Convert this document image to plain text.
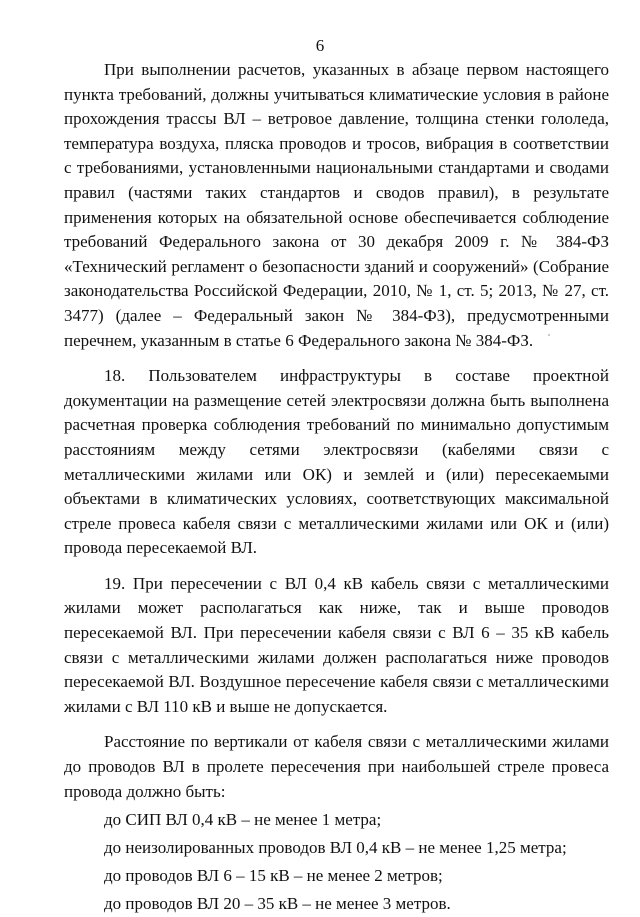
6

При выполнении расчетов, указанных в абзаце первом настоящего пункта требований, должны учитываться климатические условия в районе прохождения трассы ВЛ – ветровое давление, толщина стенки гололеда, температура воздуха, пляска проводов и тросов, вибрация в соответствии с требованиями, установленными национальными стандартами и сводами правил (частями таких стандартов и сводов правил), в результате применения которых на обязательной основе обеспечивается соблюдение требований Федерального закона от 30 декабря 2009 г. № 384-ФЗ «Технический регламент о безопасности зданий и сооружений» (Собрание законодательства Российской Федерации, 2010, № 1, ст. 5; 2013, № 27, ст. 3477) (далее – Федеральный закон № 384-ФЗ), предусмотренными перечнем, указанным в статье 6 Федерального закона № 384-ФЗ.

18. Пользователем инфраструктуры в составе проектной документации на размещение сетей электросвязи должна быть выполнена расчетная проверка соблюдения требований по минимально допустимым расстояниям между сетями электросвязи (кабелями связи с металлическими жилами или ОК) и землей и (или) пересекаемыми объектами в климатических условиях, соответствующих максимальной стреле провеса кабеля связи с металлическими жилами или ОК и (или) провода пересекаемой ВЛ.

19. При пересечении с ВЛ 0,4 кВ кабель связи с металлическими жилами может располагаться как ниже, так и выше проводов пересекаемой ВЛ. При пересечении кабеля связи с ВЛ 6 – 35 кВ кабель связи с металлическими жилами должен располагаться ниже проводов пересекаемой ВЛ. Воздушное пересечение кабеля связи с металлическими жилами с ВЛ 110 кВ и выше не допускается.

Расстояние по вертикали от кабеля связи с металлическими жилами до проводов ВЛ в пролете пересечения при наибольшей стреле провеса провода должно быть:

до СИП ВЛ 0,4 кВ – не менее 1 метра;

до неизолированных проводов ВЛ 0,4 кВ – не менее 1,25 метра;

до проводов ВЛ 6 – 15 кВ – не менее 2 метров;

до проводов ВЛ 20 – 35 кВ – не менее 3 метров.
